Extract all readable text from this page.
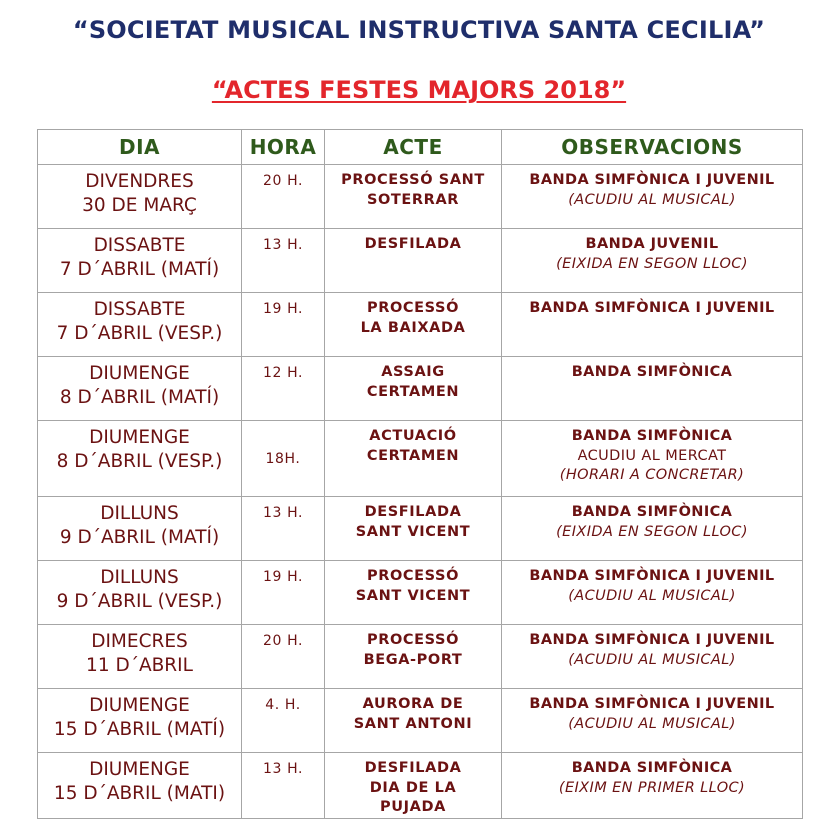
“SOCIETAT MUSICAL INSTRUCTIVA SANTA CECILIA”
“ACTES FESTES MAJORS 2018”
DIA	HORA	ACTE	OBSERVACIONS

DIVENDRES
30 DE MARÇ	20 H.	PROCESSÓ SANT
SOTERRAR	BANDA SIMFÒNICA I JUVENIL
(ACUDIU AL MUSICAL)

DISSABTE
7 D´ABRIL (MATÍ)	13 H.	DESFILADA	BANDA JUVENIL
(EIXIDA EN SEGON LLOC)

DISSABTE
7 D´ABRIL (VESP.)	19 H.	PROCESSÓ
LA BAIXADA	BANDA SIMFÒNICA I JUVENIL

DIUMENGE
8 D´ABRIL (MATÍ)	12 H.	ASSAIG
CERTAMEN	BANDA SIMFÒNICA

DIUMENGE
8 D´ABRIL (VESP.)	18H.	ACTUACIÓ
CERTAMEN	BANDA SIMFÒNICA
ACUDIU AL MERCAT
(HORARI A CONCRETAR)

DILLUNS
9 D´ABRIL (MATÍ)	13 H.	DESFILADA
SANT VICENT	BANDA SIMFÒNICA
(EIXIDA EN SEGON LLOC)

DILLUNS
9 D´ABRIL (VESP.)	19 H.	PROCESSÓ
SANT VICENT	BANDA SIMFÒNICA I JUVENIL
(ACUDIU AL MUSICAL)

DIMECRES
11 D´ABRIL	20 H.	PROCESSÓ
BEGA-PORT	BANDA SIMFÒNICA I JUVENIL
(ACUDIU AL MUSICAL)

DIUMENGE
15 D´ABRIL (MATÍ)	4. H.	AURORA DE
SANT ANTONI	BANDA SIMFÒNICA I JUVENIL
(ACUDIU AL MUSICAL)

DIUMENGE
15 D´ABRIL (MATI)	13 H.	DESFILADA
DIA DE LA
PUJADA	BANDA SIMFÒNICA
(EIXIM EN PRIMER LLOC)
